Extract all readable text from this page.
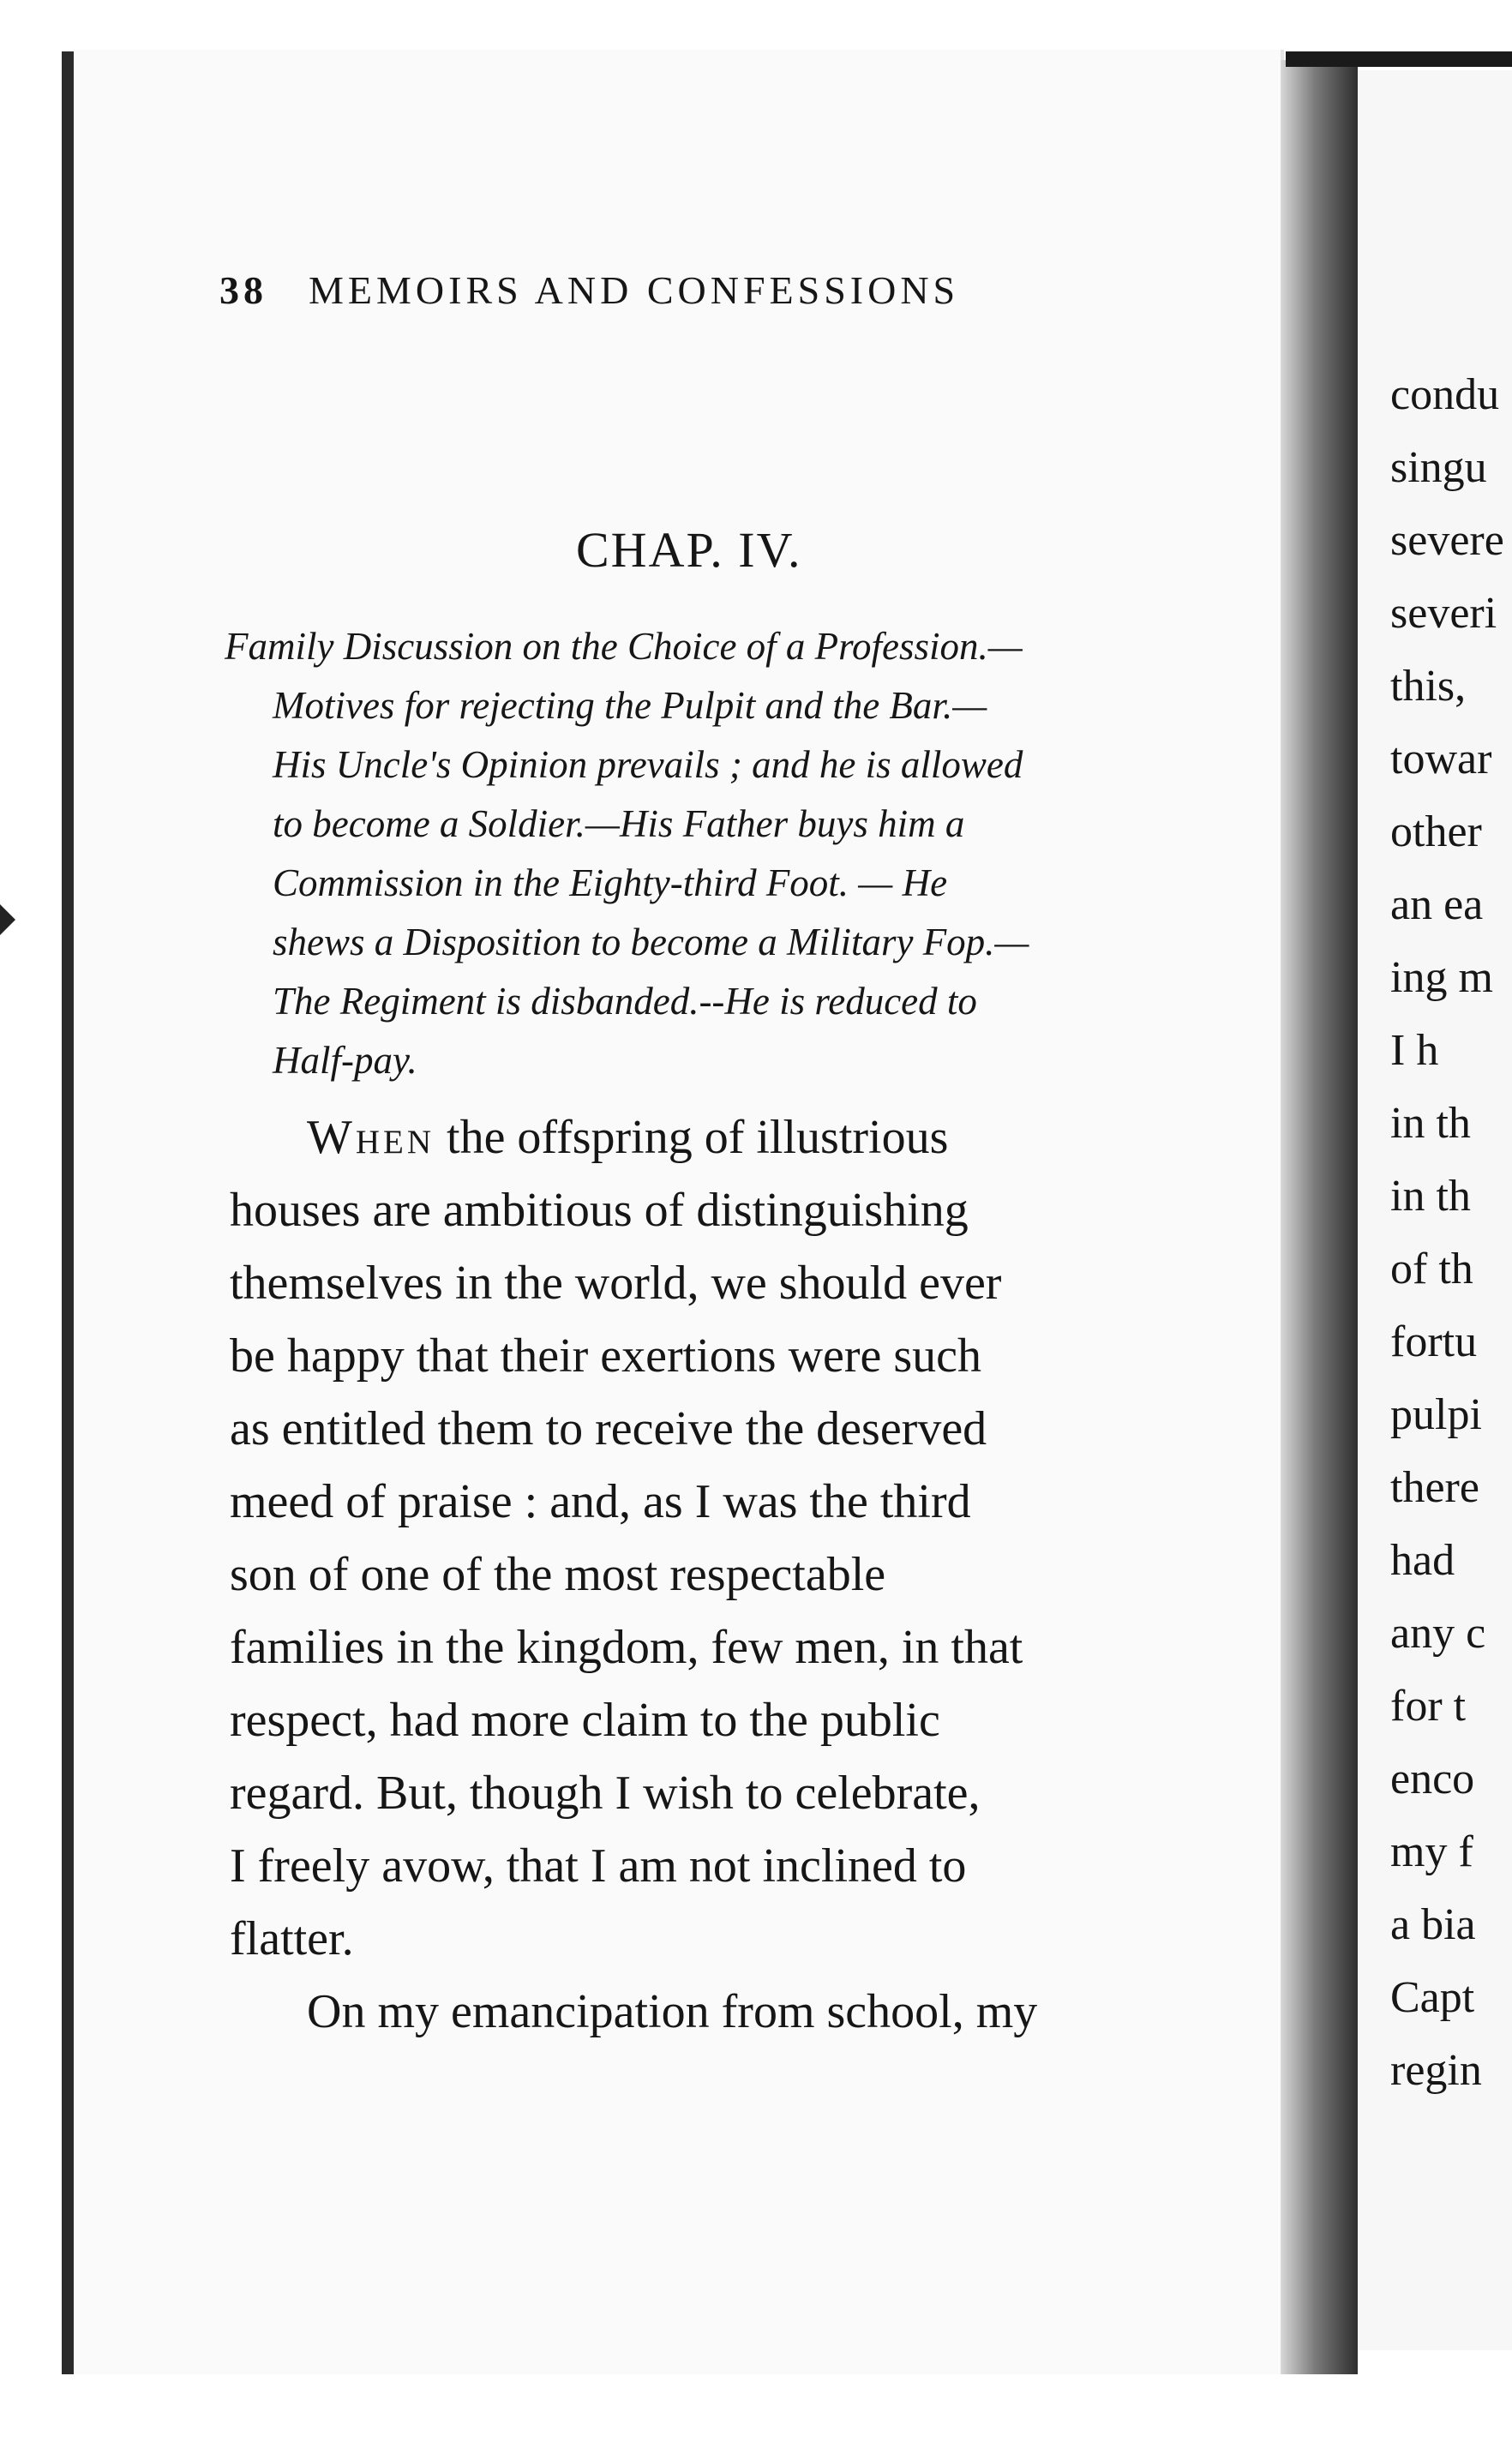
38 MEMOIRS AND CONFESSIONS
CHAP. IV.
Family Discussion on the Choice of a Profession.—
Motives for rejecting the Pulpit and the Bar.—
His Uncle's Opinion prevails ; and he is allowed
to become a Soldier.—His Father buys him a
Commission in the Eighty-third Foot. — He
shews a Disposition to become a Military Fop.—
The Regiment is disbanded.--He is reduced to
Half-pay.
When the offspring of illustrious
houses are ambitious of distinguishing
themselves in the world, we should ever
be happy that their exertions were such
as entitled them to receive the deserved
meed of praise : and, as I was the third
son of one of the most respectable
families in the kingdom, few men, in that
respect, had more claim to the public
regard. But, though I wish to celebrate,
I freely avow, that I am not inclined to
flatter.
On my emancipation from school, my
condu
singu
severe
severi
this,
towar
other
an ea
ing m
I h
in th
in th
of th
fortu
pulpi
there
had
any c
for t
enco
my f
a bia
Capt
regin
